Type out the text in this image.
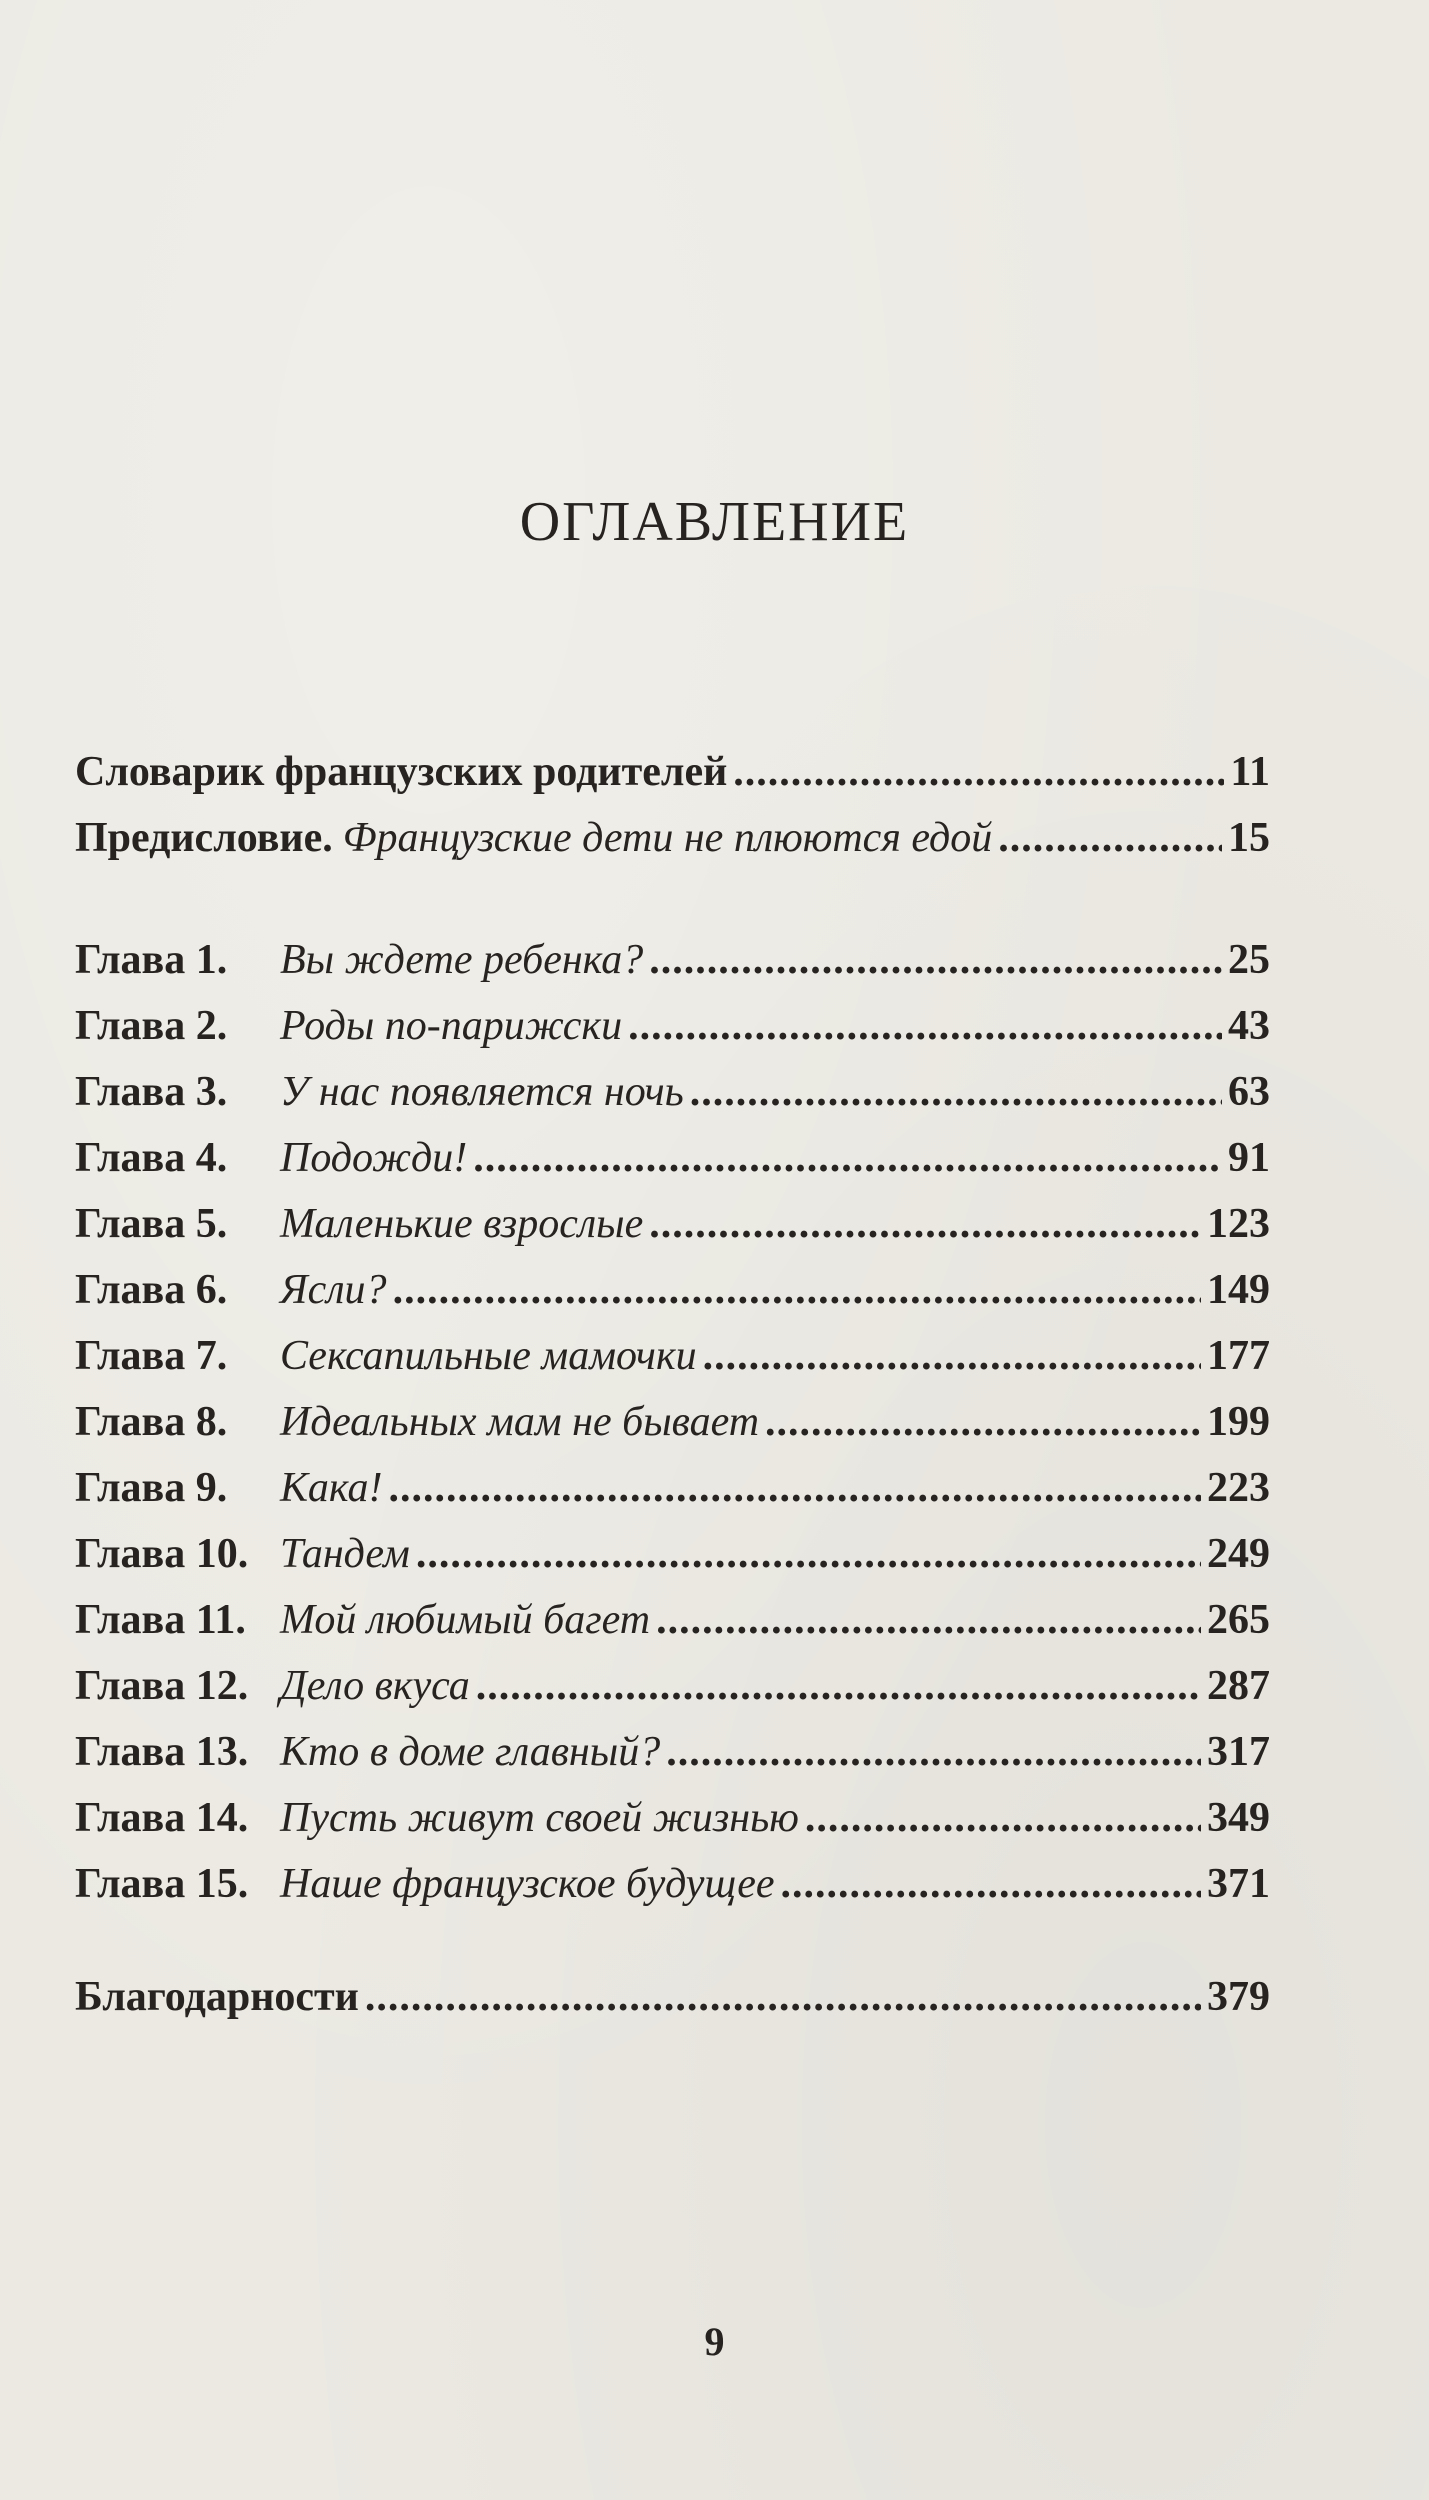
ОГЛАВЛЕНИЕ
Словарик французских родителей .....	11
Предисловие. Французские дети не плюются едой .....	15
Глава 1.	Вы ждете ребенка? .....	25
Глава 2.	Роды по-парижски .....	43
Глава 3.	У нас появляется ночь .....	63
Глава 4.	Подожди! .....	91
Глава 5.	Маленькие взрослые .....	123
Глава 6.	Ясли? .....	149
Глава 7.	Сексапильные мамочки .....	177
Глава 8.	Идеальных мам не бывает .....	199
Глава 9.	Кака! .....	223
Глава 10. Тандем .....	249
Глава 11. Мой любимый багет .....	265
Глава 12. Дело вкуса .....	287
Глава 13. Кто в доме главный? .....	317
Глава 14. Пусть живут своей жизнью .....	349
Глава 15. Наше французское будущее .....	371
Благодарности .....	379
9
